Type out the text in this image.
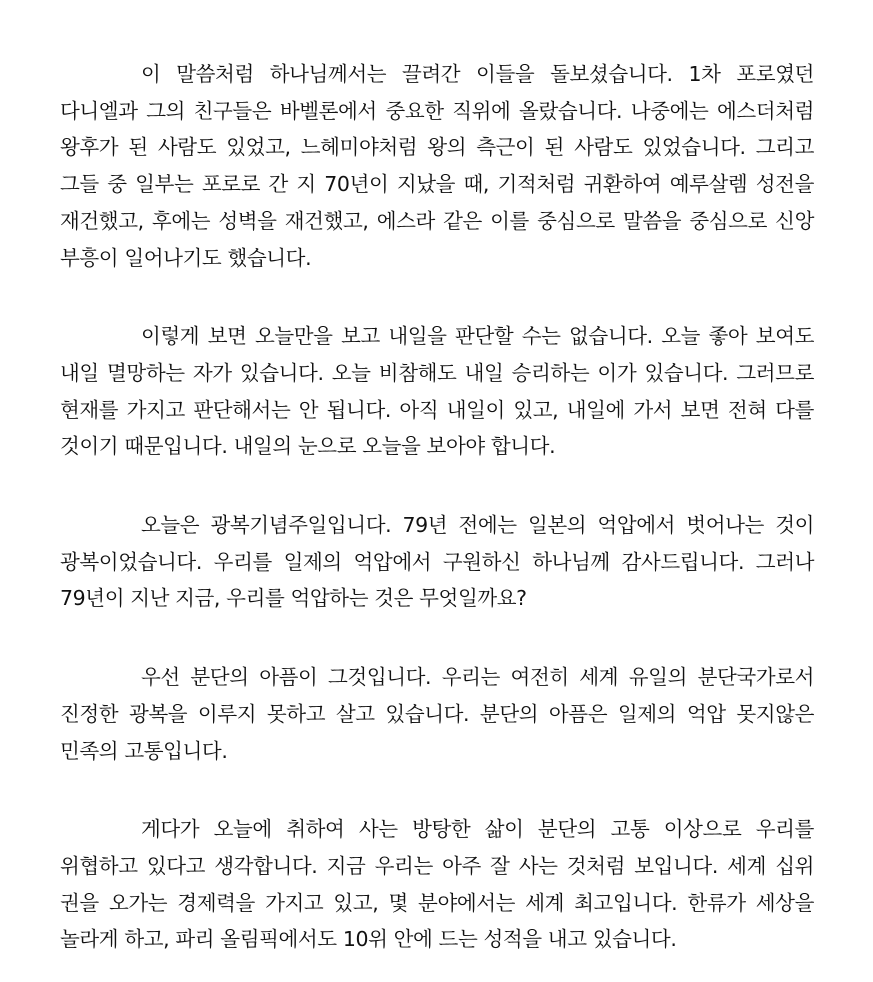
이 말씀처럼 하나님께서는 끌려간 이들을 돌보셨습니다. 1차 포로였던 다니엘과 그의 친구들은 바벨론에서 중요한 직위에 올랐습니다. 나중에는 에스더처럼 왕후가 된 사람도 있었고, 느헤미야처럼 왕의 측근이 된 사람도 있었습니다. 그리고 그들 중 일부는 포로로 간 지 70년이 지났을 때, 기적처럼 귀환하여 예루살렘 성전을 재건했고, 후에는 성벽을 재건했고, 에스라 같은 이를 중심으로 말씀을 중심으로 신앙 부흥이 일어나기도 했습니다.

이렇게 보면 오늘만을 보고 내일을 판단할 수는 없습니다. 오늘 좋아 보여도 내일 멸망하는 자가 있습니다. 오늘 비참해도 내일 승리하는 이가 있습니다. 그러므로 현재를 가지고 판단해서는 안 됩니다. 아직 내일이 있고, 내일에 가서 보면 전혀 다를 것이기 때문입니다. 내일의 눈으로 오늘을 보아야 합니다.

오늘은 광복기념주일입니다. 79년 전에는 일본의 억압에서 벗어나는 것이 광복이었습니다. 우리를 일제의 억압에서 구원하신 하나님께 감사드립니다. 그러나 79년이 지난 지금, 우리를 억압하는 것은 무엇일까요?

우선 분단의 아픔이 그것입니다. 우리는 여전히 세계 유일의 분단국가로서 진정한 광복을 이루지 못하고 살고 있습니다. 분단의 아픔은 일제의 억압 못지않은 민족의 고통입니다.

게다가 오늘에 취하여 사는 방탕한 삶이 분단의 고통 이상으로 우리를 위협하고 있다고 생각합니다. 지금 우리는 아주 잘 사는 것처럼 보입니다. 세계 십위 권을 오가는 경제력을 가지고 있고, 몇 분야에서는 세계 최고입니다. 한류가 세상을 놀라게 하고, 파리 올림픽에서도 10위 안에 드는 성적을 내고 있습니다.
